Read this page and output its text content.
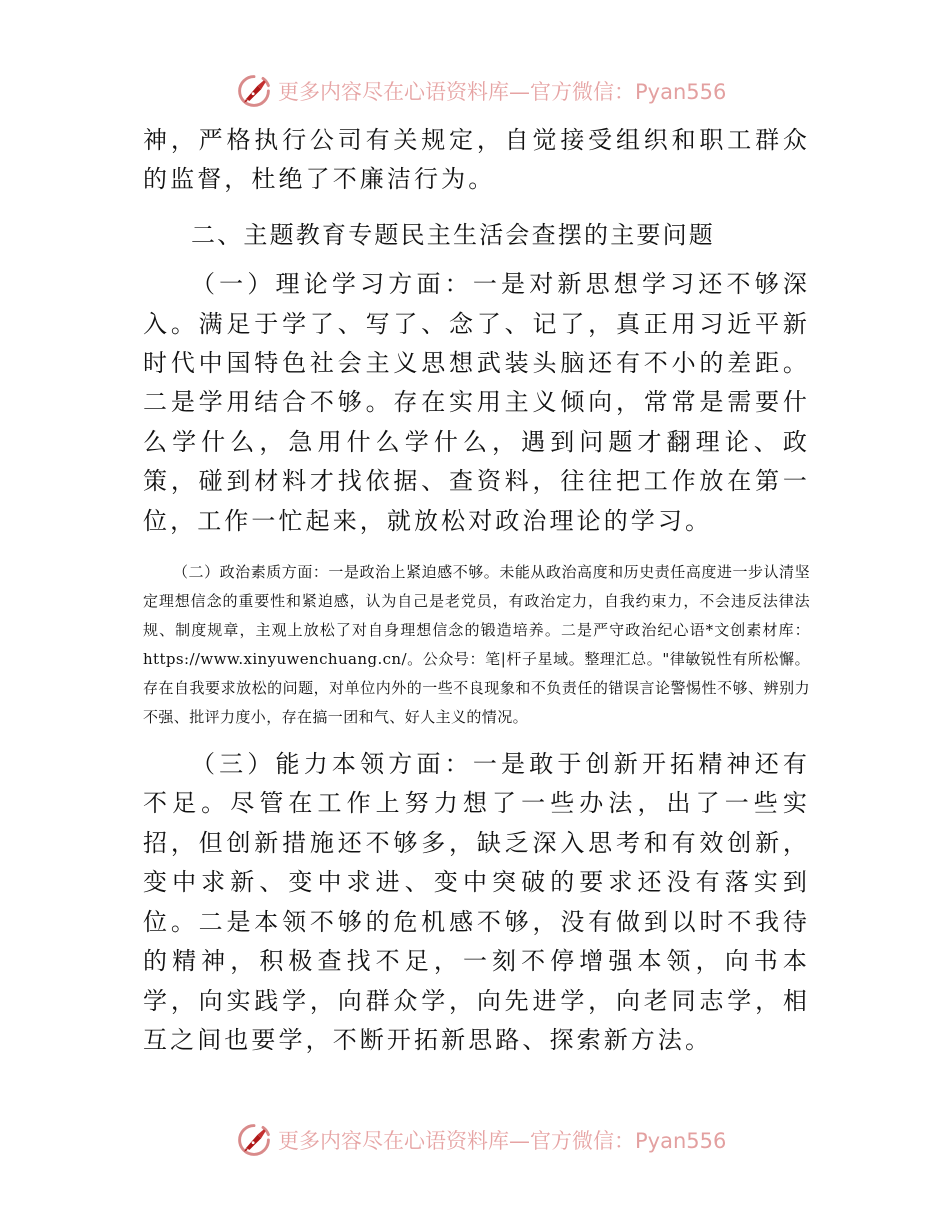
更多内容尽在心语资料库—官方微信：Pyan556

神，严格执行公司有关规定，自觉接受组织和职工群众的监督，杜绝了不廉洁行为。

二、主题教育专题民主生活会查摆的主要问题

（一）理论学习方面：一是对新思想学习还不够深入。满足于学了、写了、念了、记了，真正用习近平新时代中国特色社会主义思想武装头脑还有不小的差距。二是学用结合不够。存在实用主义倾向，常常是需要什么学什么，急用什么学什么，遇到问题才翻理论、政策，碰到材料才找依据、查资料，往往把工作放在第一位，工作一忙起来，就放松对政治理论的学习。

（二）政治素质方面：一是政治上紧迫感不够。未能从政治高度和历史责任高度进一步认清坚定理想信念的重要性和紧迫感，认为自己是老党员，有政治定力，自我约束力，不会违反法律法规、制度规章，主观上放松了对自身理想信念的锻造培养。二是严守政治纪心语*文创素材库：https://www.xinyuwenchuang.cn/。公众号：笔|杆子星域。整理汇总。"律敏锐性有所松懈。存在自我要求放松的问题，对单位内外的一些不良现象和不负责任的错误言论警惕性不够、辨别力不强、批评力度小，存在搞一团和气、好人主义的情况。

（三）能力本领方面：一是敢于创新开拓精神还有不足。尽管在工作上努力想了一些办法，出了一些实招，但创新措施还不够多，缺乏深入思考和有效创新，变中求新、变中求进、变中突破的要求还没有落实到位。二是本领不够的危机感不够，没有做到以时不我待的精神，积极查找不足，一刻不停增强本领，向书本学，向实践学，向群众学，向先进学，向老同志学，相互之间也要学，不断开拓新思路、探索新方法。

更多内容尽在心语资料库—官方微信：Pyan556
